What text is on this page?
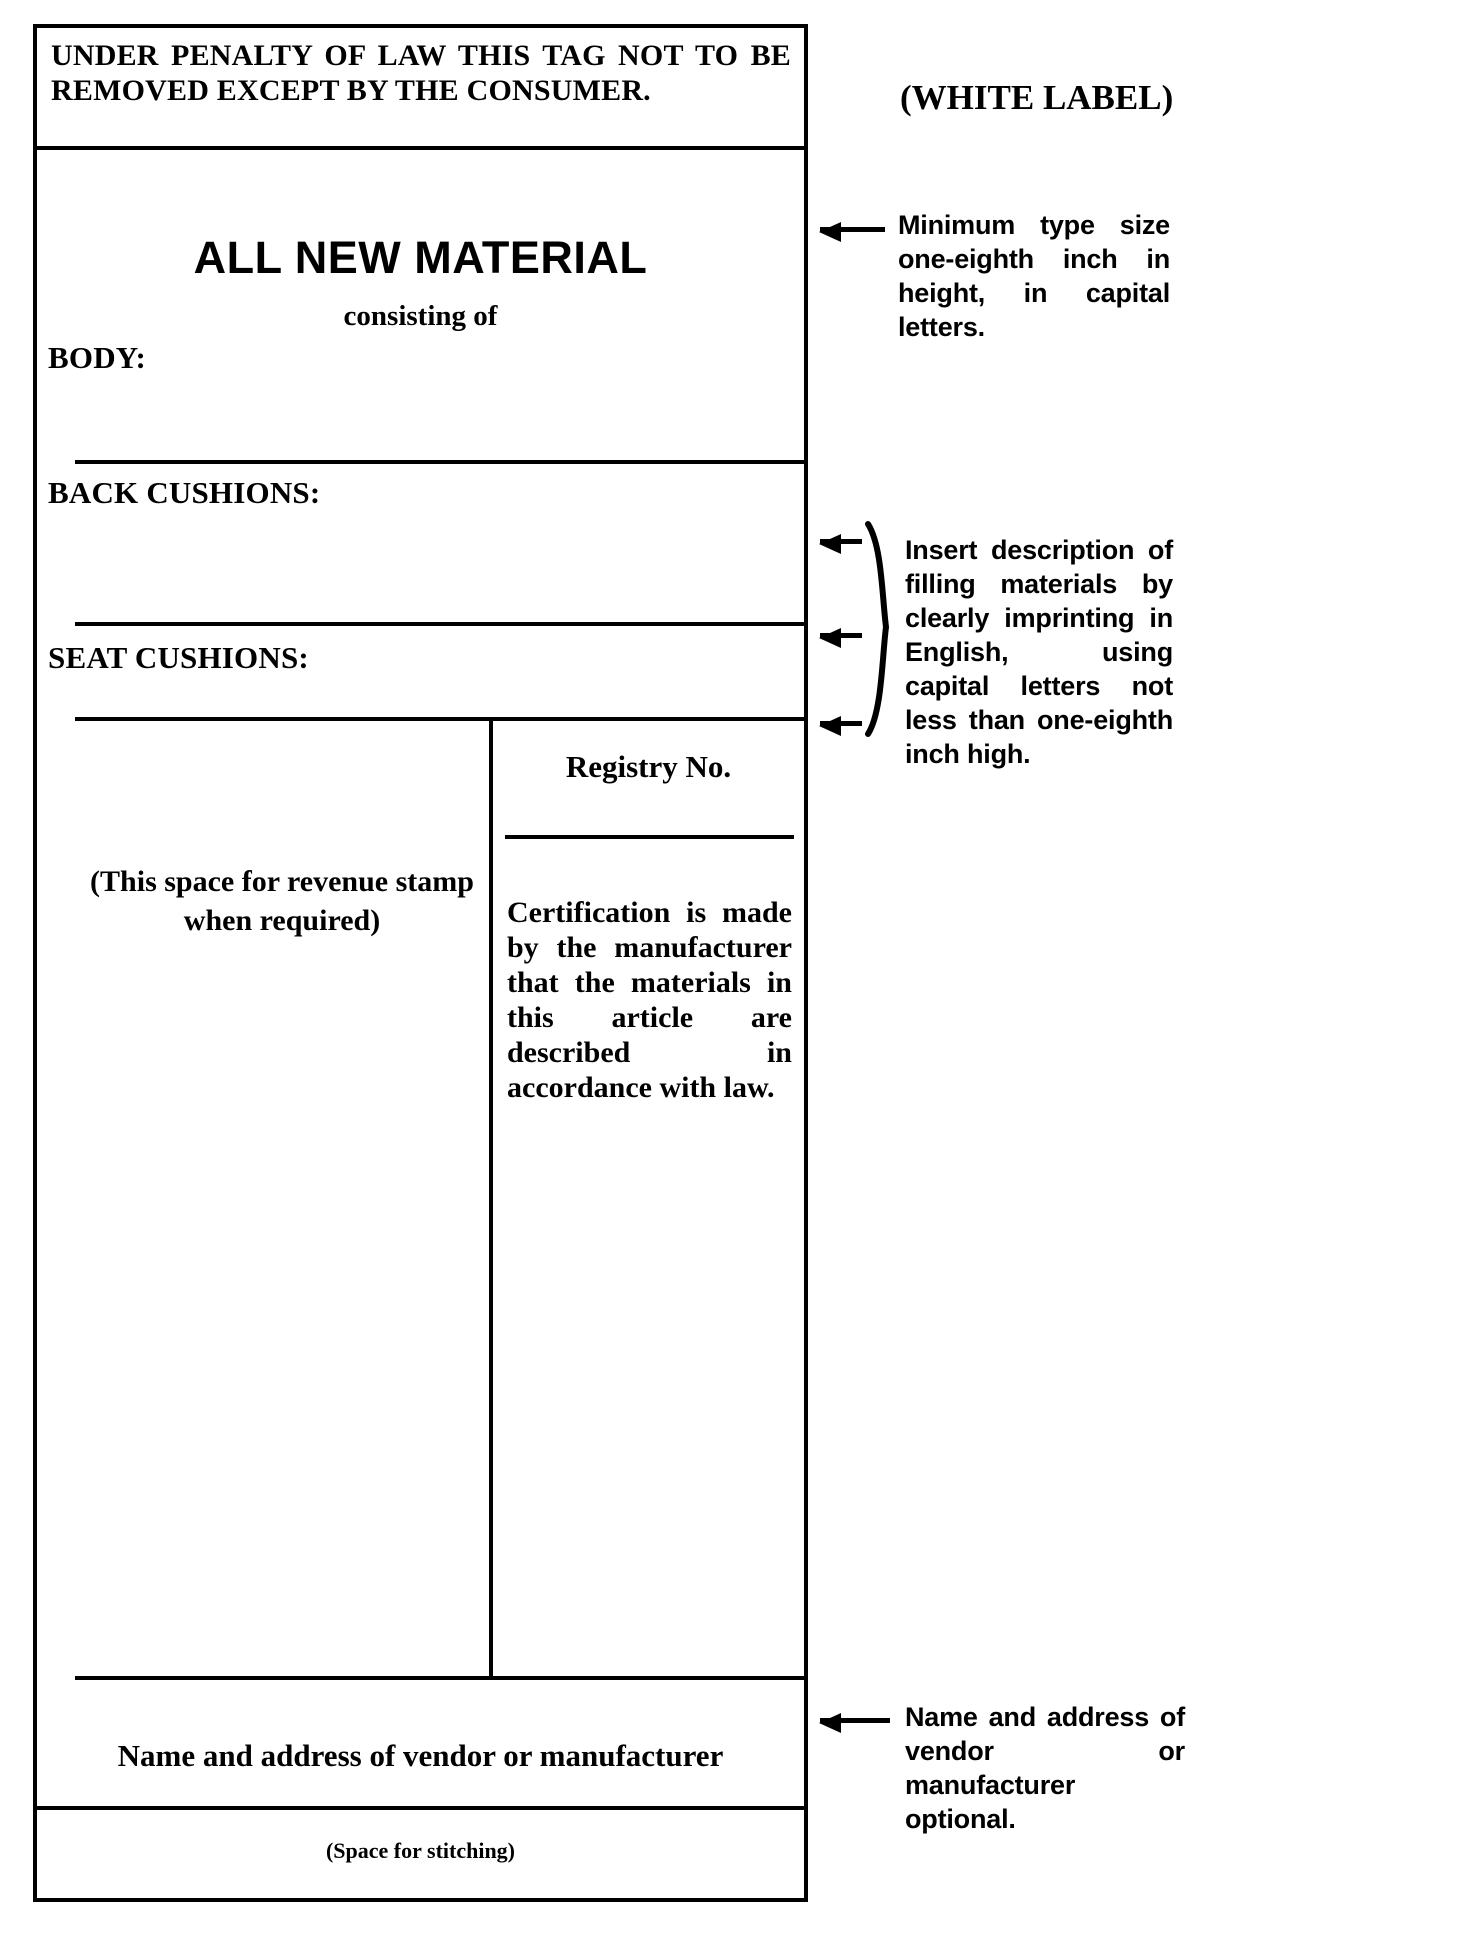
UNDER PENALTY OF LAW THIS TAG NOT TO BE REMOVED EXCEPT BY THE CONSUMER.
ALL NEW MATERIAL
consisting of
BODY:
BACK CUSHIONS:
SEAT CUSHIONS:
(This space for revenue stamp when required)
Registry No.
Certification is made by the manufacturer that the materials in this article are described in accordance with law.
Name and address of vendor or manufacturer
(Space for stitching)
(WHITE LABEL)
Minimum type size one-eighth inch in height, in capital letters.
Insert description of filling materials by clearly imprinting in English, using capital letters not less than one-eighth inch high.
Name and address of vendor or manufacturer optional.
